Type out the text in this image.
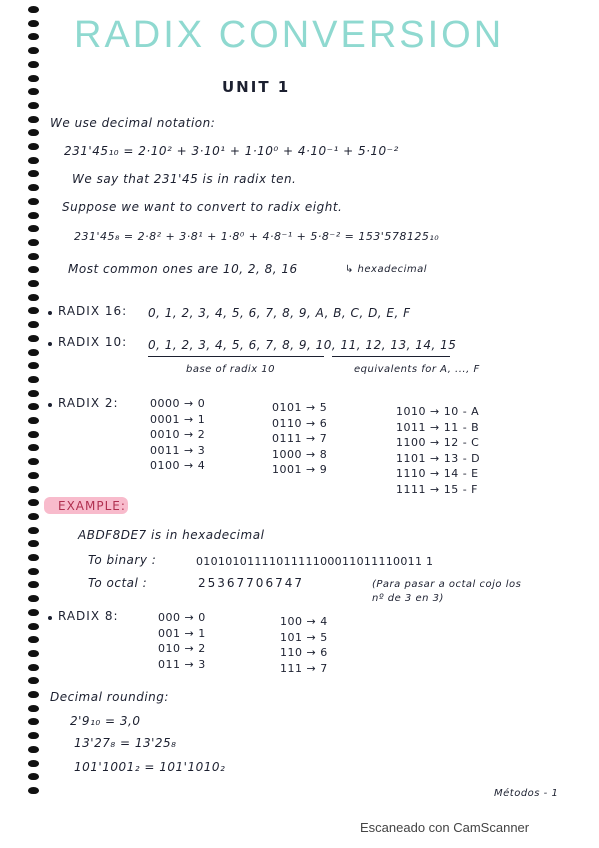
RADIX CONVERSION
UNIT 1
We use decimal notation:
231'45₁₀ = 2·10² + 3·10¹ + 1·10⁰ + 4·10⁻¹ + 5·10⁻²
We say that 231'45 is in radix ten.
Suppose we want to convert to radix eight.
231'45₈ = 2·8² + 3·8¹ + 1·8⁰ + 4·8⁻¹ + 5·8⁻² = 153'578125₁₀
Most common ones are 10, 2, 8, 16	↳ hexadecimal
RADIX 16: 0, 1, 2, 3, 4, 5, 6, 7, 8, 9, A, B, C, D, E, F
RADIX 10: 0, 1, 2, 3, 4, 5, 6, 7, 8, 9, 10, 11, 12, 13, 14, 15
base of radix 10	equivalents for A, ..., F
RADIX 2:	0000 → 0
0001 → 1
0010 → 2
0011 → 3
0100 → 4
0101 → 5
0110 → 6
0111 → 7
1000 → 8
1001 → 9
1010 → 10 - A
1011 → 11 - B
1100 → 12 - C
1101 → 13 - D
1110 → 14 - E
1111 → 15 - F
EXAMPLE:
ABDF8DE7 is in hexadecimal
To binary :	0101010111101111100011011110011 1
To octal :	25367706747	(Para pasar a octal cojo los nº de 3 en 3)
RADIX 8:	000 → 0
001 → 1
010 → 2
011 → 3
100 → 4
101 → 5
110 → 6
111 → 7
Decimal rounding:
2'9₁₀ = 3,0
13'27₈ = 13'25₈
101'1001₂ = 101'1010₂
Métodos - 1
Escaneado con CamScanner
